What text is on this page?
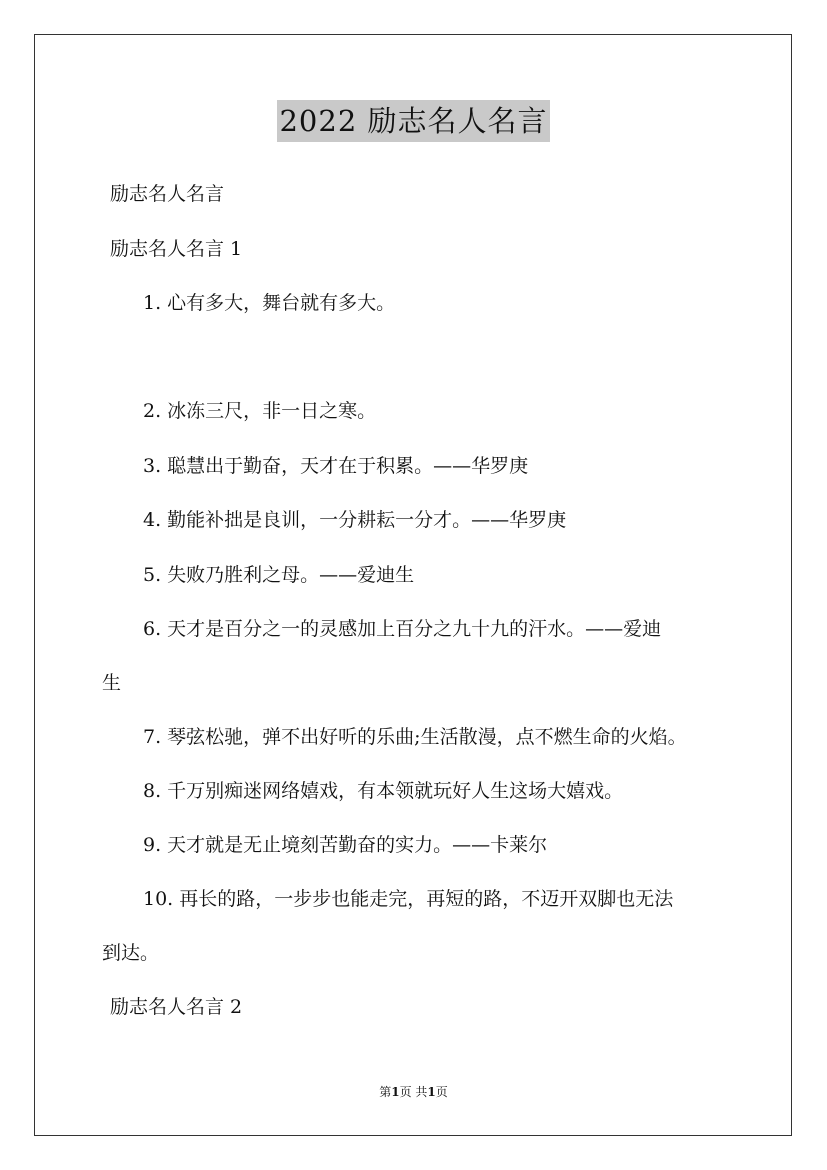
2022 励志名人名言
励志名人名言
励志名人名言 1
1. 心有多大，舞台就有多大。
2. 冰冻三尺，非一日之寒。
3. 聪慧出于勤奋，天才在于积累。——华罗庚
4. 勤能补拙是良训，一分耕耘一分才。——华罗庚
5. 失败乃胜利之母。——爱迪生
6. 天才是百分之一的灵感加上百分之九十九的汗水。——爱迪
生
7. 琴弦松驰，弹不出好听的乐曲;生活散漫，点不燃生命的火焰。
8. 千万别痴迷网络嬉戏，有本领就玩好人生这场大嬉戏。
9. 天才就是无止境刻苦勤奋的实力。——卡莱尔
10. 再长的路，一步步也能走完，再短的路，不迈开双脚也无法
到达。
励志名人名言 2
第1页 共1页
